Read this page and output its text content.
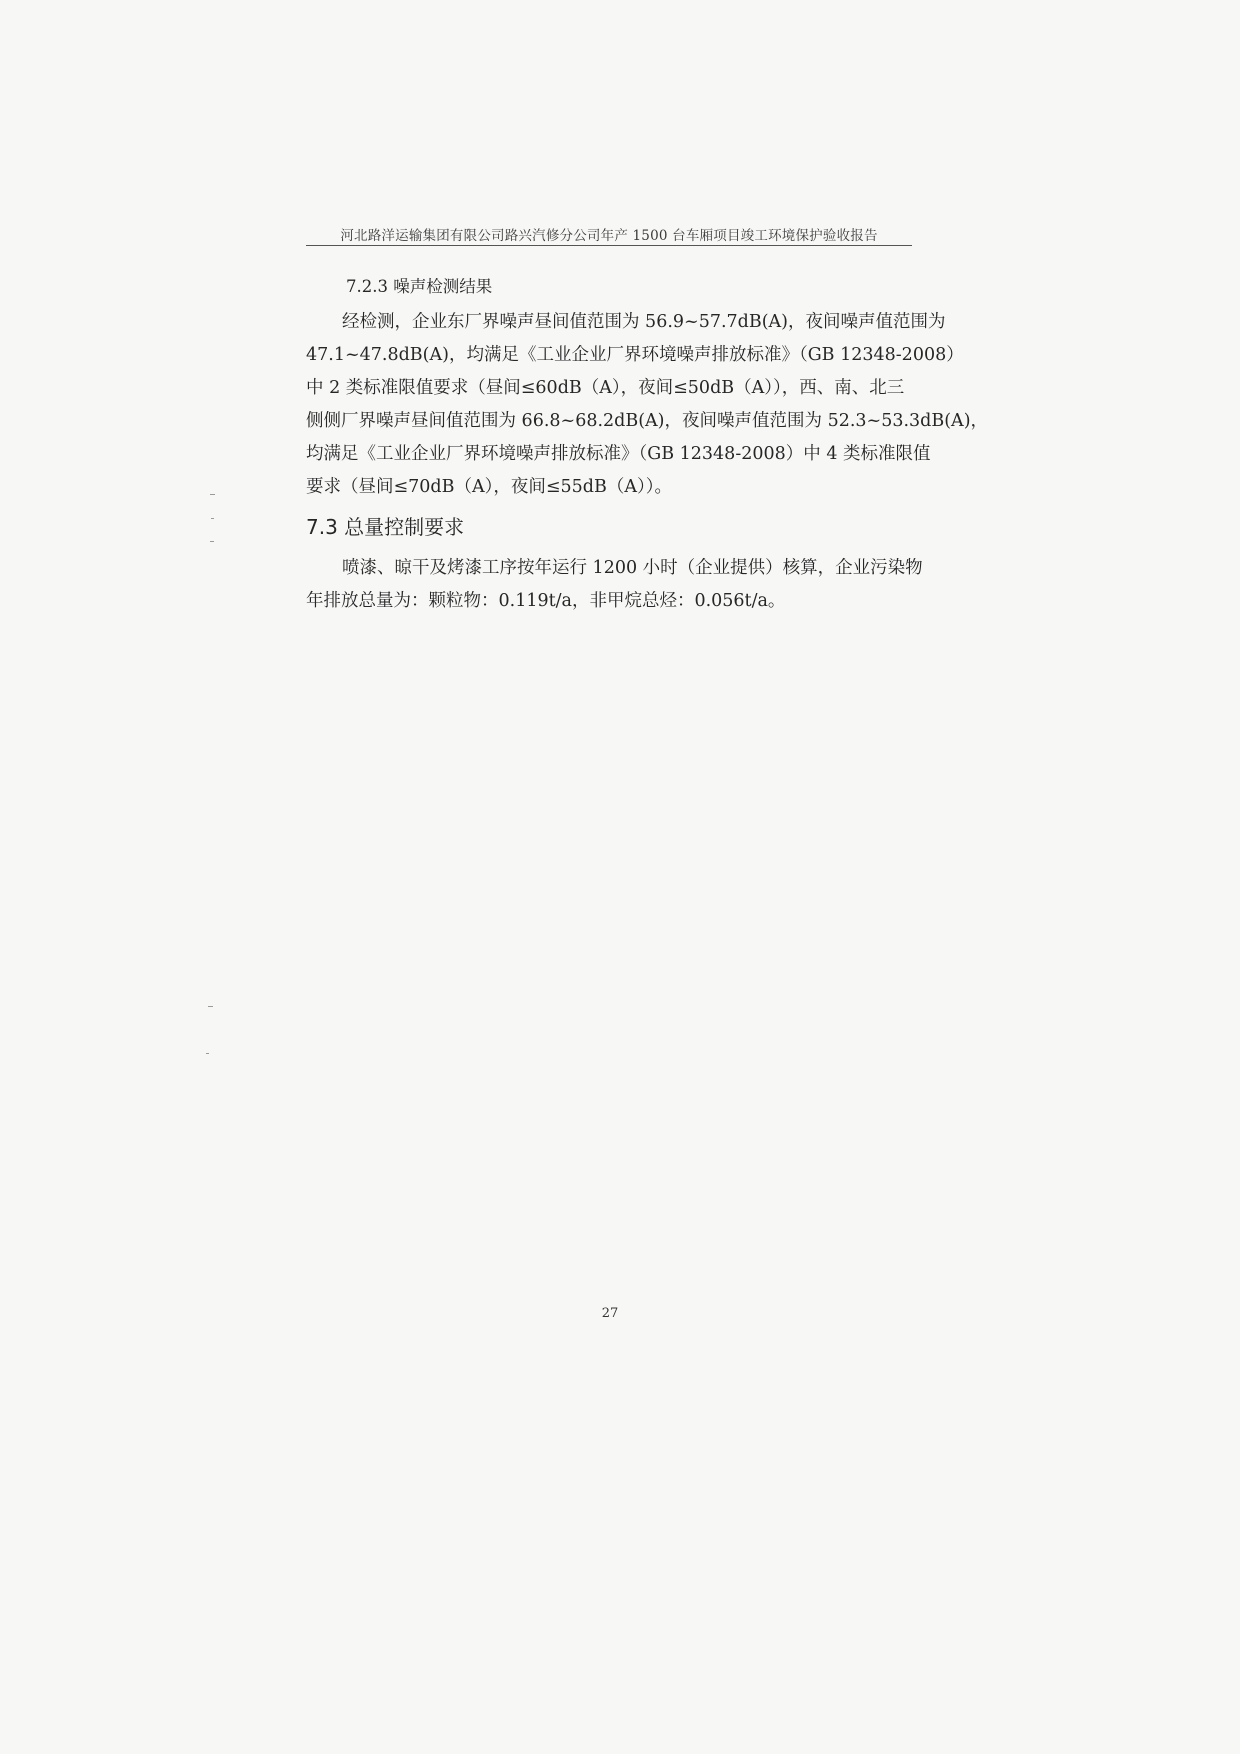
河北路洋运输集团有限公司路兴汽修分公司年产 1500 台车厢项目竣工环境保护验收报告
7.2.3 噪声检测结果
经检测，企业东厂界噪声昼间值范围为 56.9~57.7dB(A)，夜间噪声值范围为
47.1~47.8dB(A)，均满足《工业企业厂界环境噪声排放标准》（GB 12348-2008）
中 2 类标准限值要求（昼间≤60dB（A），夜间≤50dB（A）），西、南、北三
侧侧厂界噪声昼间值范围为 66.8~68.2dB(A)，夜间噪声值范围为 52.3~53.3dB(A)，
均满足《工业企业厂界环境噪声排放标准》（GB 12348-2008）中 4 类标准限值
要求（昼间≤70dB（A），夜间≤55dB（A））。
7.3 总量控制要求
喷漆、晾干及烤漆工序按年运行 1200 小时（企业提供）核算，企业污染物
年排放总量为：颗粒物：0.119t/a，非甲烷总烃：0.056t/a。
27
